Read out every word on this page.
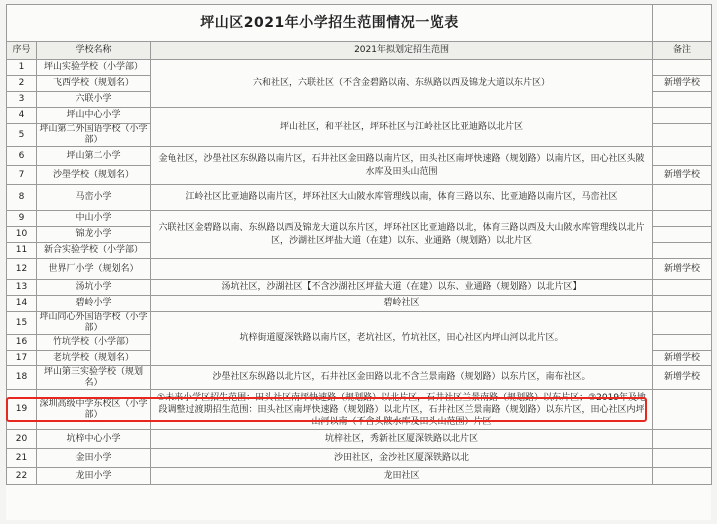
坪山区2021年小学招生范围情况一览表			
序号	学校名称	2021年拟划定招生范围	备注
1	坪山实验学校（小学部）	六和社区，六联社区（不含金碧路以南、东纵路以西及锦龙大道以东片区）	
2	飞西学校（规划名）		新增学校
3	六联小学		
4	坪山中心小学	坪山社区，和平社区，坪环社区与江岭社区比亚迪路以北片区	
5	坪山第二外国语学校（小学部）		
6	坪山第二小学	金龟社区，沙壆社区东纵路以南片区，石井社区金田路以南片区，田头社区南坪快速路（规划路）以南片区，田心社区头陂水库及田头山范围	
7	沙壆学校（规划名）		新增学校
8	马峦小学	江岭社区比亚迪路以南片区，坪环社区大山陂水库管理线以南，体育三路以东、比亚迪路以南片区，马峦社区	
9	中山小学	六联社区金碧路以南、东纵路以西及锦龙大道以东片区，坪环社区比亚迪路以北，体育三路以西及大山陂水库管理线以北片区，沙湖社区坪盐大道（在建）以东、业通路（规划路）以北片区	
10	锦龙小学		
11	新合实验学校（小学部）		
12	世界厂小学（规划名）		新增学校
13	汤坑小学	汤坑社区，沙湖社区【不含沙湖社区坪盐大道（在建）以东、业通路（规划路）以北片区】	
14	碧岭小学	碧岭社区	
15	坪山同心外国语学校（小学部）	坑梓街道厦深铁路以南片区，老坑社区，竹坑社区，田心社区内坪山河以北片区。	
16	竹坑学校（小学部）		
17	老坑学校（规划名）		新增学校
18	坪山第三实验学校（规划名）	沙壆社区东纵路以北片区，石井社区金田路以北不含兰景南路（规划路）以东片区，南布社区。	新增学校
19	深圳高级中学东校区（小学部）	①未来小学区招生范围：田头社区南坪快速路（规划路）以北片区，石井社区兰景南路（规划路）以东片区；②2019年及地段调整过渡期招生范围：田头社区南坪快速路（规划路）以北片区，石井社区兰景南路（规划路）以东片区，田心社区内坪山河以南（不含头陂水库及田头山范围）片区	
20	坑梓中心小学	坑梓社区，秀新社区厦深铁路以北片区	
21	金田小学	沙田社区，金沙社区厦深铁路以北	
22	龙田小学	龙田社区	
